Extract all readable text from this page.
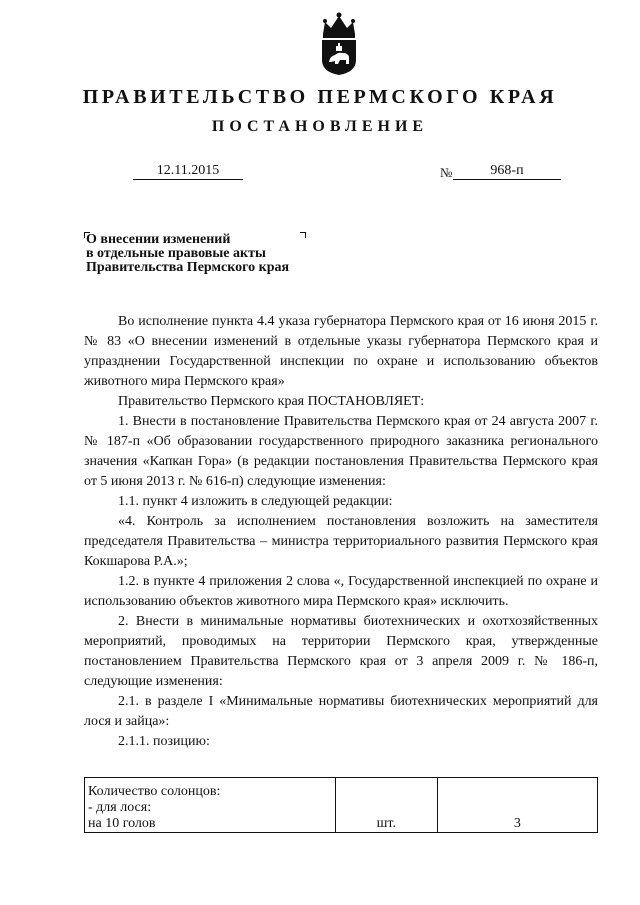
ПРАВИТЕЛЬСТВО ПЕРМСКОГО КРАЯ
ПОСТАНОВЛЕНИЕ
12.11.2015	№	968-п
О внесении изменений
в отдельные правовые акты
Правительства Пермского края

Во исполнение пункта 4.4 указа губернатора Пермского края от 16 июня 2015 г. № 83 «О внесении изменений в отдельные указы губернатора Пермского края и упразднении Государственной инспекции по охране и использованию объектов животного мира Пермского края»

Правительство Пермского края ПОСТАНОВЛЯЕТ:

1. Внести в постановление Правительства Пермского края от 24 августа 2007 г. № 187-п «Об образовании государственного природного заказника регионального значения «Капкан Гора» (в редакции постановления Правительства Пермского края от 5 июня 2013 г. № 616-п) следующие изменения:

1.1. пункт 4 изложить в следующей редакции:

«4. Контроль за исполнением постановления возложить на заместителя председателя Правительства – министра территориального развития Пермского края Кокшарова Р.А.»;

1.2. в пункте 4 приложения 2 слова «, Государственной инспекцией по охране и использованию объектов животного мира Пермского края» исключить.

2. Внести в минимальные нормативы биотехнических и охотхозяйственных мероприятий, проводимых на территории Пермского края, утвержденные постановлением Правительства Пермского края от 3 апреля 2009 г. № 186-п, следующие изменения:

2.1. в разделе I «Минимальные нормативы биотехнических мероприятий для лося и зайца»:

2.1.1. позицию:

Количество солонцов:
- для лося:
на 10 голов	шт.	3
